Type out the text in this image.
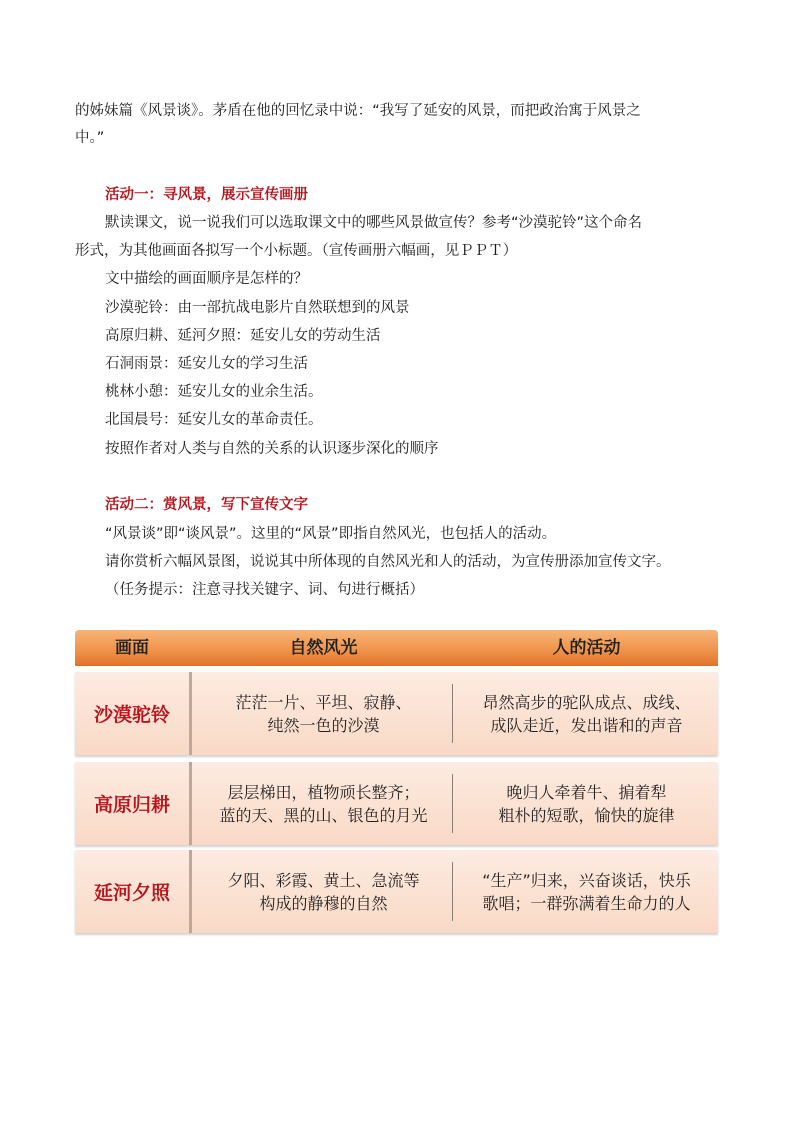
的姊妹篇《风景谈》。茅盾在他的回忆录中说：“我写了延安的风景，而把政治寓于风景之
中。”
活动一：寻风景，展示宣传画册
默读课文，说一说我们可以选取课文中的哪些风景做宣传？参考“沙漠驼铃”这个命名
形式，为其他画面各拟写一个小标题。（宣传画册六幅画，见ＰＰＴ）
文中描绘的画面顺序是怎样的？
沙漠驼铃：由一部抗战电影片自然联想到的风景
高原归耕、延河夕照：延安儿女的劳动生活
石洞雨景：延安儿女的学习生活
桃林小憩：延安儿女的业余生活。
北国晨号：延安儿女的革命责任。
按照作者对人类与自然的关系的认识逐步深化的顺序
活动二：赏风景，写下宣传文字
“风景谈”即“谈风景”。这里的“风景”即指自然风光，也包括人的活动。
请你赏析六幅风景图，说说其中所体现的自然风光和人的活动，为宣传册添加宣传文字。
（任务提示：注意寻找关键字、词、句进行概括）
画面	自然风光	人的活动
沙漠驼铃
茫茫一片、平坦、寂静、
纯然一色的沙漠
昂然高步的驼队成点、成线、
成队走近，发出谐和的声音
高原归耕
层层梯田，植物顽长整齐；
蓝的天、黑的山、银色的月光
晚归人牵着牛、掮着犁
粗朴的短歌，愉快的旋律
延河夕照
夕阳、彩霞、黄土、急流等
构成的静穆的自然
“生产”归来，兴奋谈话，快乐
歌唱；一群弥满着生命力的人
